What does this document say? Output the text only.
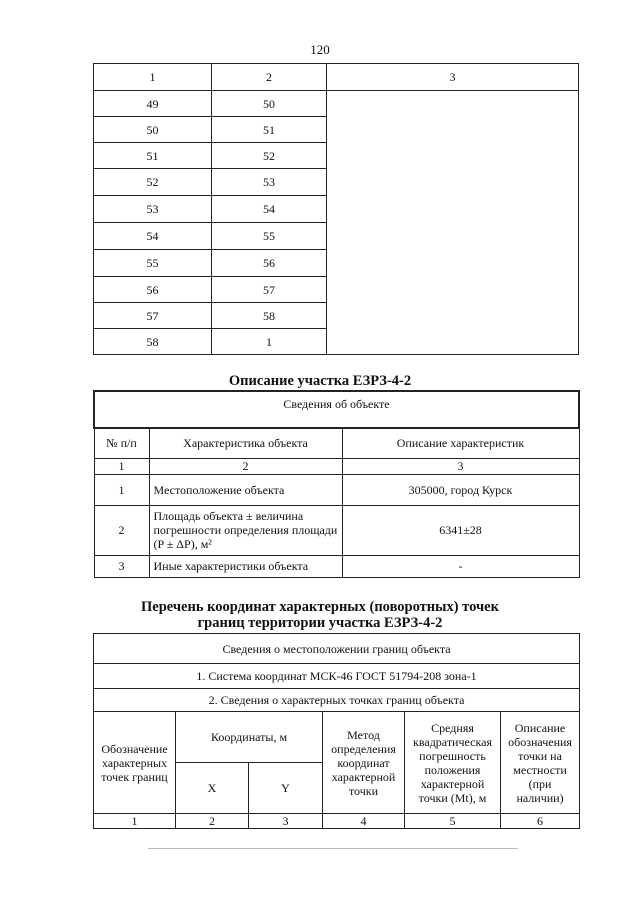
120
1	2	3
49	50	
50	51	
51	52	
52	53	
53	54	
54	55	
55	56	
56	57	
57	58	
58	1	
Описание участка ЕЗРЗ-4-2
Сведения об объекте		
№ п/п	Характеристика объекта	Описание характеристик
1	2	3
1	Местоположение объекта	305000, город Курск
2	Площадь объекта ± величина погрешности определения площади (P ± ΔP), м²	6341±28
3	Иные характеристики объекта	-
Перечень координат характерных (поворотных) точек
границ территории участка ЕЗРЗ-4-2
Сведения о местоположении границ объекта					
1. Система координат МСК-46 ГОСТ 51794-208 зона-1					
2. Сведения о характерных точках границ объекта					
Обозначение характерных точек границ	Координаты, м		Метод определения координат характерной точки	Средняя квадратическая погрешность положения характерной точки (Mt), м	Описание обозначения точки на местности (при наличии)
	X	Y			
1	2	3	4	5	6
